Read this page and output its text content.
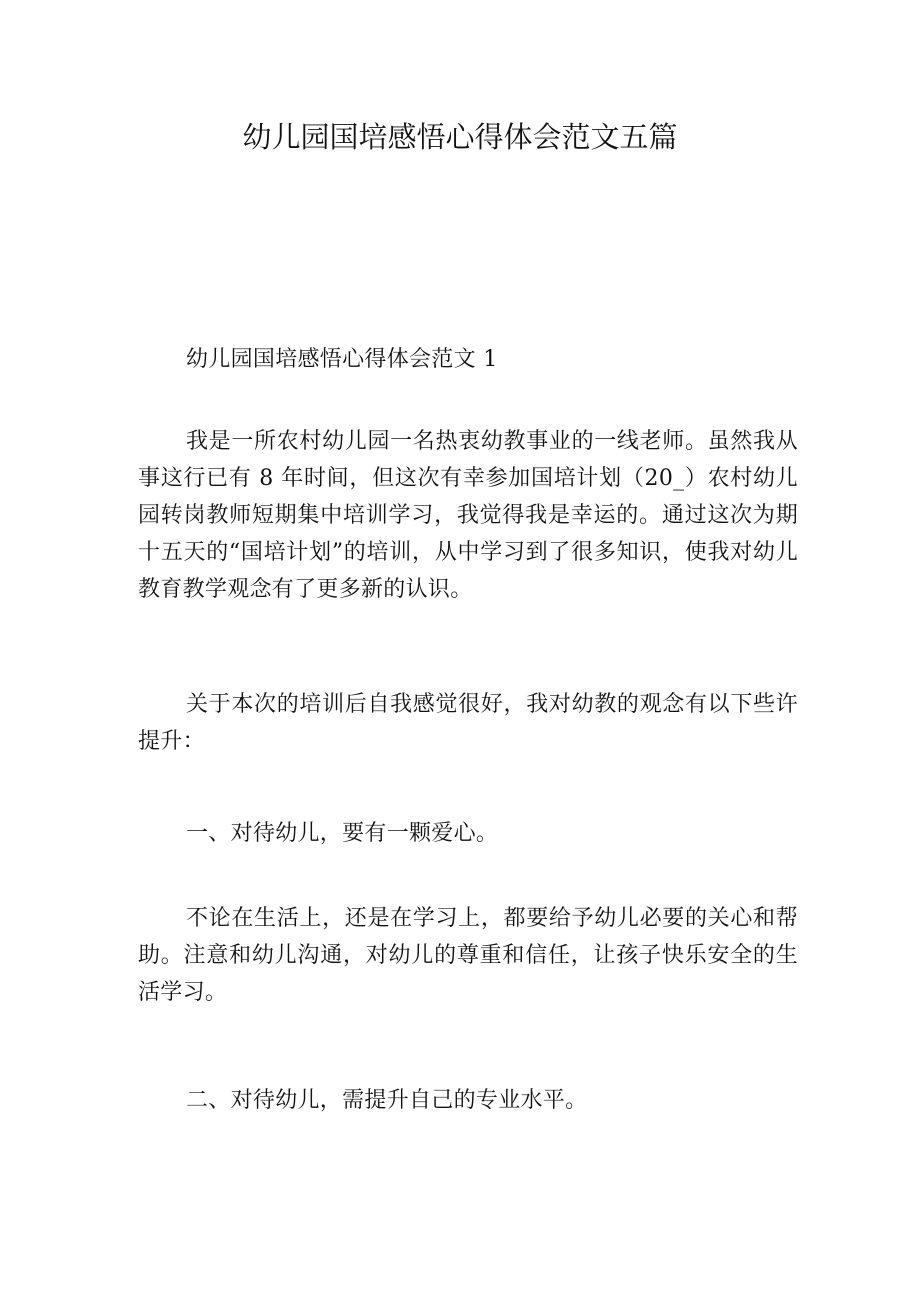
幼儿园国培感悟心得体会范文五篇

幼儿园国培感悟心得体会范文 1

我是一所农村幼儿园一名热衷幼教事业的一线老师。虽然我从事这行已有 8 年时间，但这次有幸参加国培计划（20_）农村幼儿园转岗教师短期集中培训学习，我觉得我是幸运的。通过这次为期十五天的“国培计划”的培训，从中学习到了很多知识，使我对幼儿教育教学观念有了更多新的认识。

关于本次的培训后自我感觉很好，我对幼教的观念有以下些许提升：

一、对待幼儿，要有一颗爱心。

不论在生活上，还是在学习上，都要给予幼儿必要的关心和帮助。注意和幼儿沟通，对幼儿的尊重和信任，让孩子快乐安全的生活学习。

二、对待幼儿，需提升自己的专业水平。
